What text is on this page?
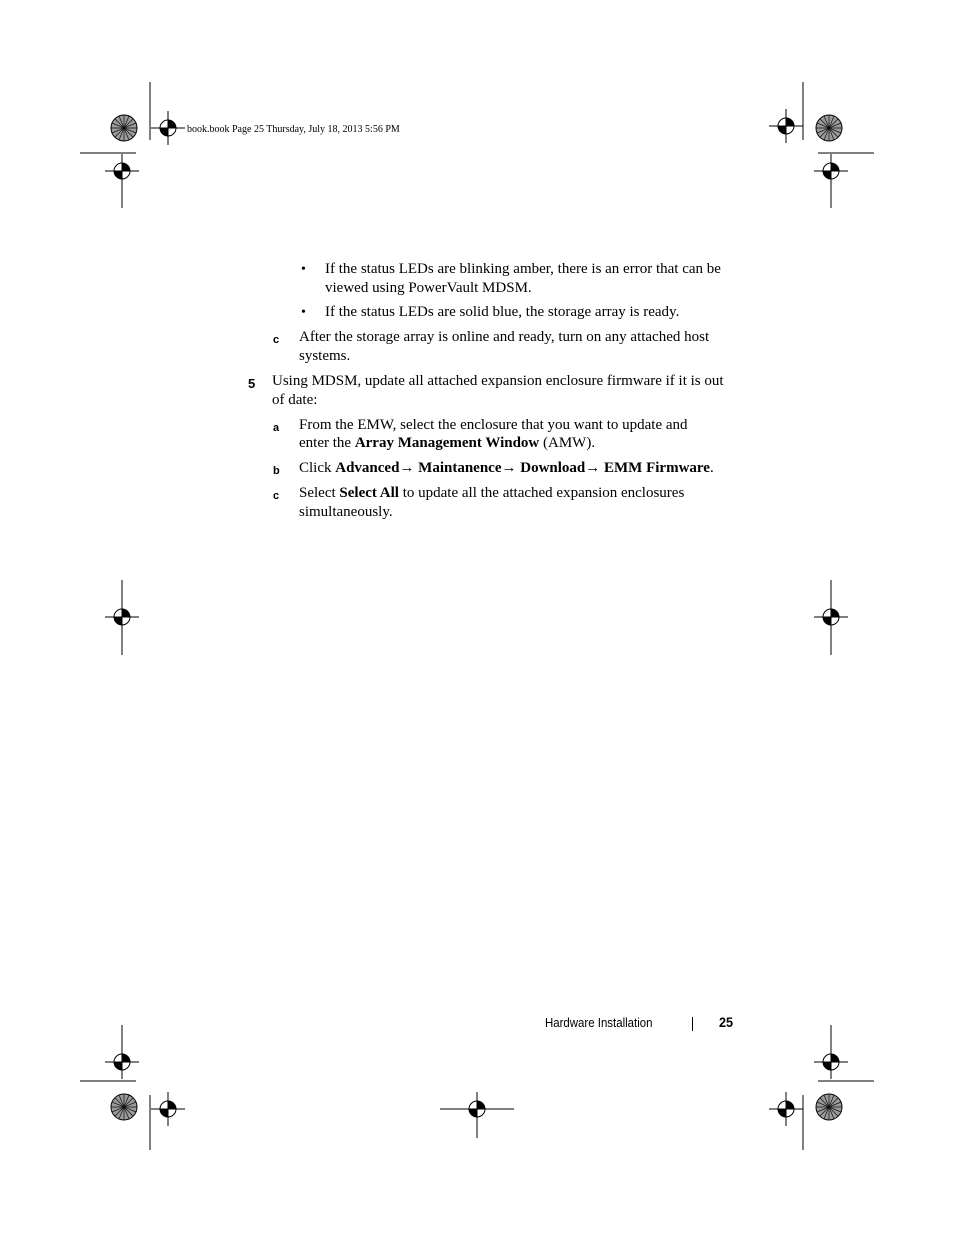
book.book Page 25 Thursday, July 18, 2013 5:56 PM
• If the status LEDs are blinking amber, there is an error that can be
viewed using PowerVault MDSM.
• If the status LEDs are solid blue, the storage array is ready.
c After the storage array is online and ready, turn on any attached host
systems.
5 Using MDSM, update all attached expansion enclosure firmware if it is out
of date:
a From the EMW, select the enclosure that you want to update and
enter the Array Management Window (AMW).
b Click Advanced→ Maintanence→ Download→ EMM Firmware.
c Select Select All to update all the attached expansion enclosures
simultaneously.
Hardware Installation	25
